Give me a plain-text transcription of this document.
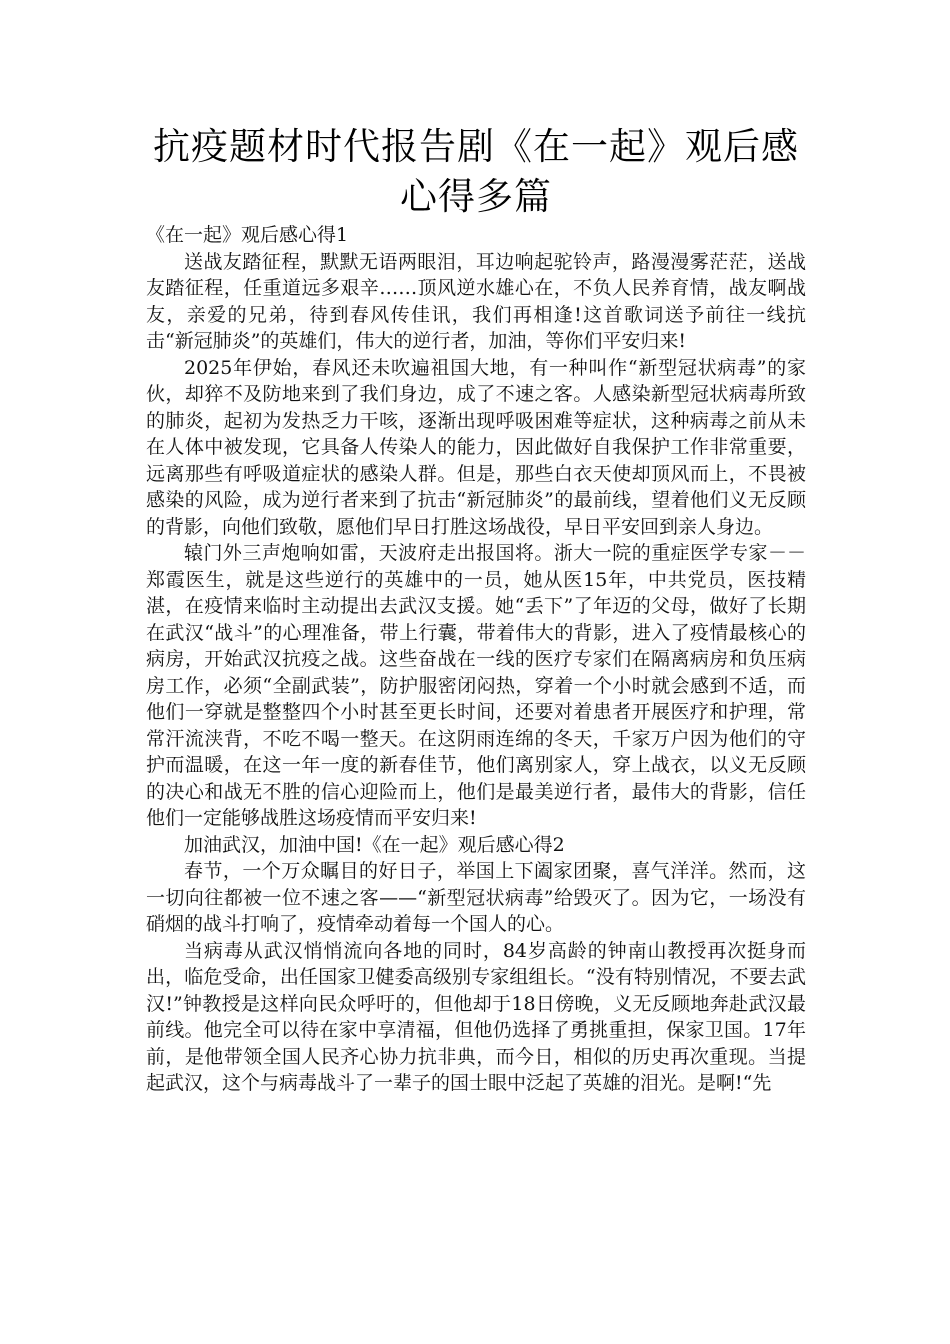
抗疫题材时代报告剧《在一起》观后感心得多篇

《在一起》观后感心得1

送战友踏征程，默默无语两眼泪，耳边响起驼铃声，路漫漫雾茫茫，送战友踏征程，任重道远多艰辛……顶风逆水雄心在，不负人民养育情，战友啊战友，亲爱的兄弟，待到春风传佳讯，我们再相逢!这首歌词送予前往一线抗击“新冠肺炎”的英雄们，伟大的逆行者，加油，等你们平安归来!

2025年伊始，春风还未吹遍祖国大地，有一种叫作“新型冠状病毒”的家伙，却猝不及防地来到了我们身边，成了不速之客。人感染新型冠状病毒所致的肺炎，起初为发热乏力干咳，逐渐出现呼吸困难等症状，这种病毒之前从未在人体中被发现，它具备人传染人的能力，因此做好自我保护工作非常重要，远离那些有呼吸道症状的感染人群。但是，那些白衣天使却顶风而上，不畏被感染的风险，成为逆行者来到了抗击“新冠肺炎”的最前线，望着他们义无反顾的背影，向他们致敬，愿他们早日打胜这场战役，早日平安回到亲人身边。

辕门外三声炮响如雷，天波府走出报国将。浙大一院的重症医学专家－－郑霞医生，就是这些逆行的英雄中的一员，她从医15年，中共党员，医技精湛，在疫情来临时主动提出去武汉支援。她“丢下”了年迈的父母，做好了长期在武汉“战斗”的心理准备，带上行囊，带着伟大的背影，进入了疫情最核心的病房，开始武汉抗疫之战。这些奋战在一线的医疗专家们在隔离病房和负压病房工作，必须“全副武装”，防护服密闭闷热，穿着一个小时就会感到不适，而他们一穿就是整整四个小时甚至更长时间，还要对着患者开展医疗和护理，常常汗流浃背，不吃不喝一整天。在这阴雨连绵的冬天，千家万户因为他们的守护而温暖，在这一年一度的新春佳节，他们离别家人，穿上战衣，以义无反顾的决心和战无不胜的信心迎险而上，他们是最美逆行者，最伟大的背影，信任他们一定能够战胜这场疫情而平安归来!

加油武汉，加油中国!《在一起》观后感心得2

春节，一个万众瞩目的好日子，举国上下阖家团聚，喜气洋洋。然而，这一切向往都被一位不速之客——“新型冠状病毒”给毁灭了。因为它，一场没有硝烟的战斗打响了，疫情牵动着每一个国人的心。

当病毒从武汉悄悄流向各地的同时，84岁高龄的钟南山教授再次挺身而出，临危受命，出任国家卫健委高级别专家组组长。“没有特别情况，不要去武汉!”钟教授是这样向民众呼吁的，但他却于18日傍晚，义无反顾地奔赴武汉最前线。他完全可以待在家中享清福，但他仍选择了勇挑重担，保家卫国。17年前，是他带领全国人民齐心协力抗非典，而今日，相似的历史再次重现。当提起武汉，这个与病毒战斗了一辈子的国士眼中泛起了英雄的泪光。是啊!“先
